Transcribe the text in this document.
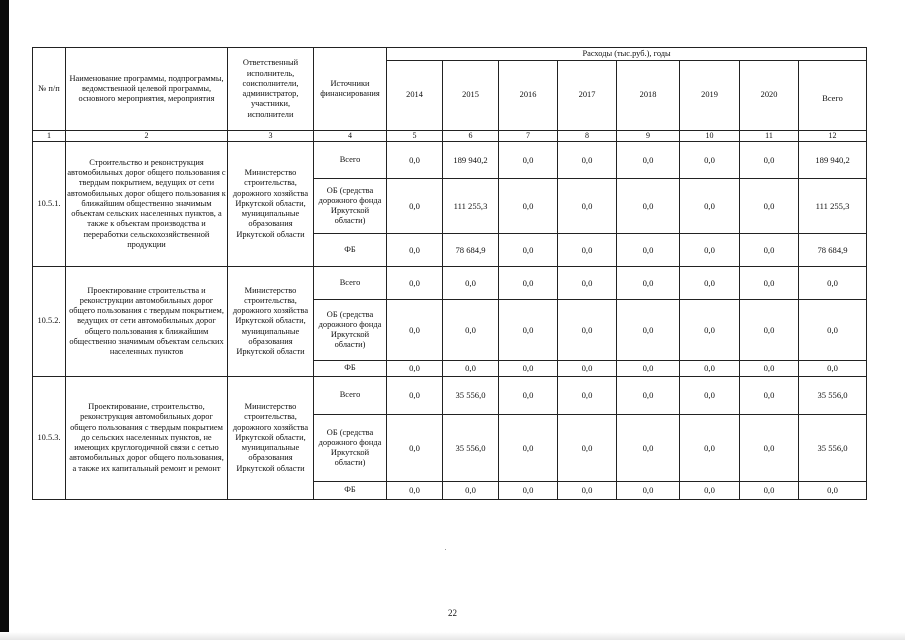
№ п/п	Наименование программы, подпрограммы, ведомственной целевой программы, основного мероприятия, мероприятия	Ответственный исполнитель, соисполнители, администратор, участники, исполнители	Источники финансирования	Расходы (тыс.руб.), годы							
				2014	2015	2016	2017	2018	2019	2020	Всего
1	2	3	4	5	6	7	8	9	10	11	12
10.5.1.	Строительство и реконструкция автомобильных дорог общего пользования с твердым покрытием, ведущих от сети автомобильных дорог общего пользования к ближайшим общественно значимым объектам сельских населенных пунктов, а также к объектам производства и переработки сельскохозяйственной продукции	Министерство строительства, дорожного хозяйства Иркутской области, муниципальные образования Иркутской области	Всего	0,0	189 940,2	0,0	0,0	0,0	0,0	0,0	189 940,2
			ОБ (средства дорожного фонда Иркутской области)	0,0	111 255,3	0,0	0,0	0,0	0,0	0,0	111 255,3
			ФБ	0,0	78 684,9	0,0	0,0	0,0	0,0	0,0	78 684,9
10.5.2.	Проектирование строительства и реконструкции автомобильных дорог общего пользования с твердым покрытием, ведущих от сети автомобильных дорог общего пользования к ближайшим общественно значимым объектам сельских населенных пунктов	Министерство строительства, дорожного хозяйства Иркутской области, муниципальные образования Иркутской области	Всего	0,0	0,0	0,0	0,0	0,0	0,0	0,0	0,0
			ОБ (средства дорожного фонда Иркутской области)	0,0	0,0	0,0	0,0	0,0	0,0	0,0	0,0
			ФБ	0,0	0,0	0,0	0,0	0,0	0,0	0,0	0,0
10.5.3.	Проектирование, строительство, реконструкция автомобильных дорог общего пользования с твердым покрытием до сельских населенных пунктов, не имеющих круглогодичной связи с сетью автомобильных дорог общего пользования, а также их капитальный ремонт и ремонт	Министерство строительства, дорожного хозяйства Иркутской области, муниципальные образования Иркутской области	Всего	0,0	35 556,0	0,0	0,0	0,0	0,0	0,0	35 556,0
			ОБ (средства дорожного фонда Иркутской области)	0,0	35 556,0	0,0	0,0	0,0	0,0	0,0	35 556,0
			ФБ	0,0	0,0	0,0	0,0	0,0	0,0	0,0	0,0
22
